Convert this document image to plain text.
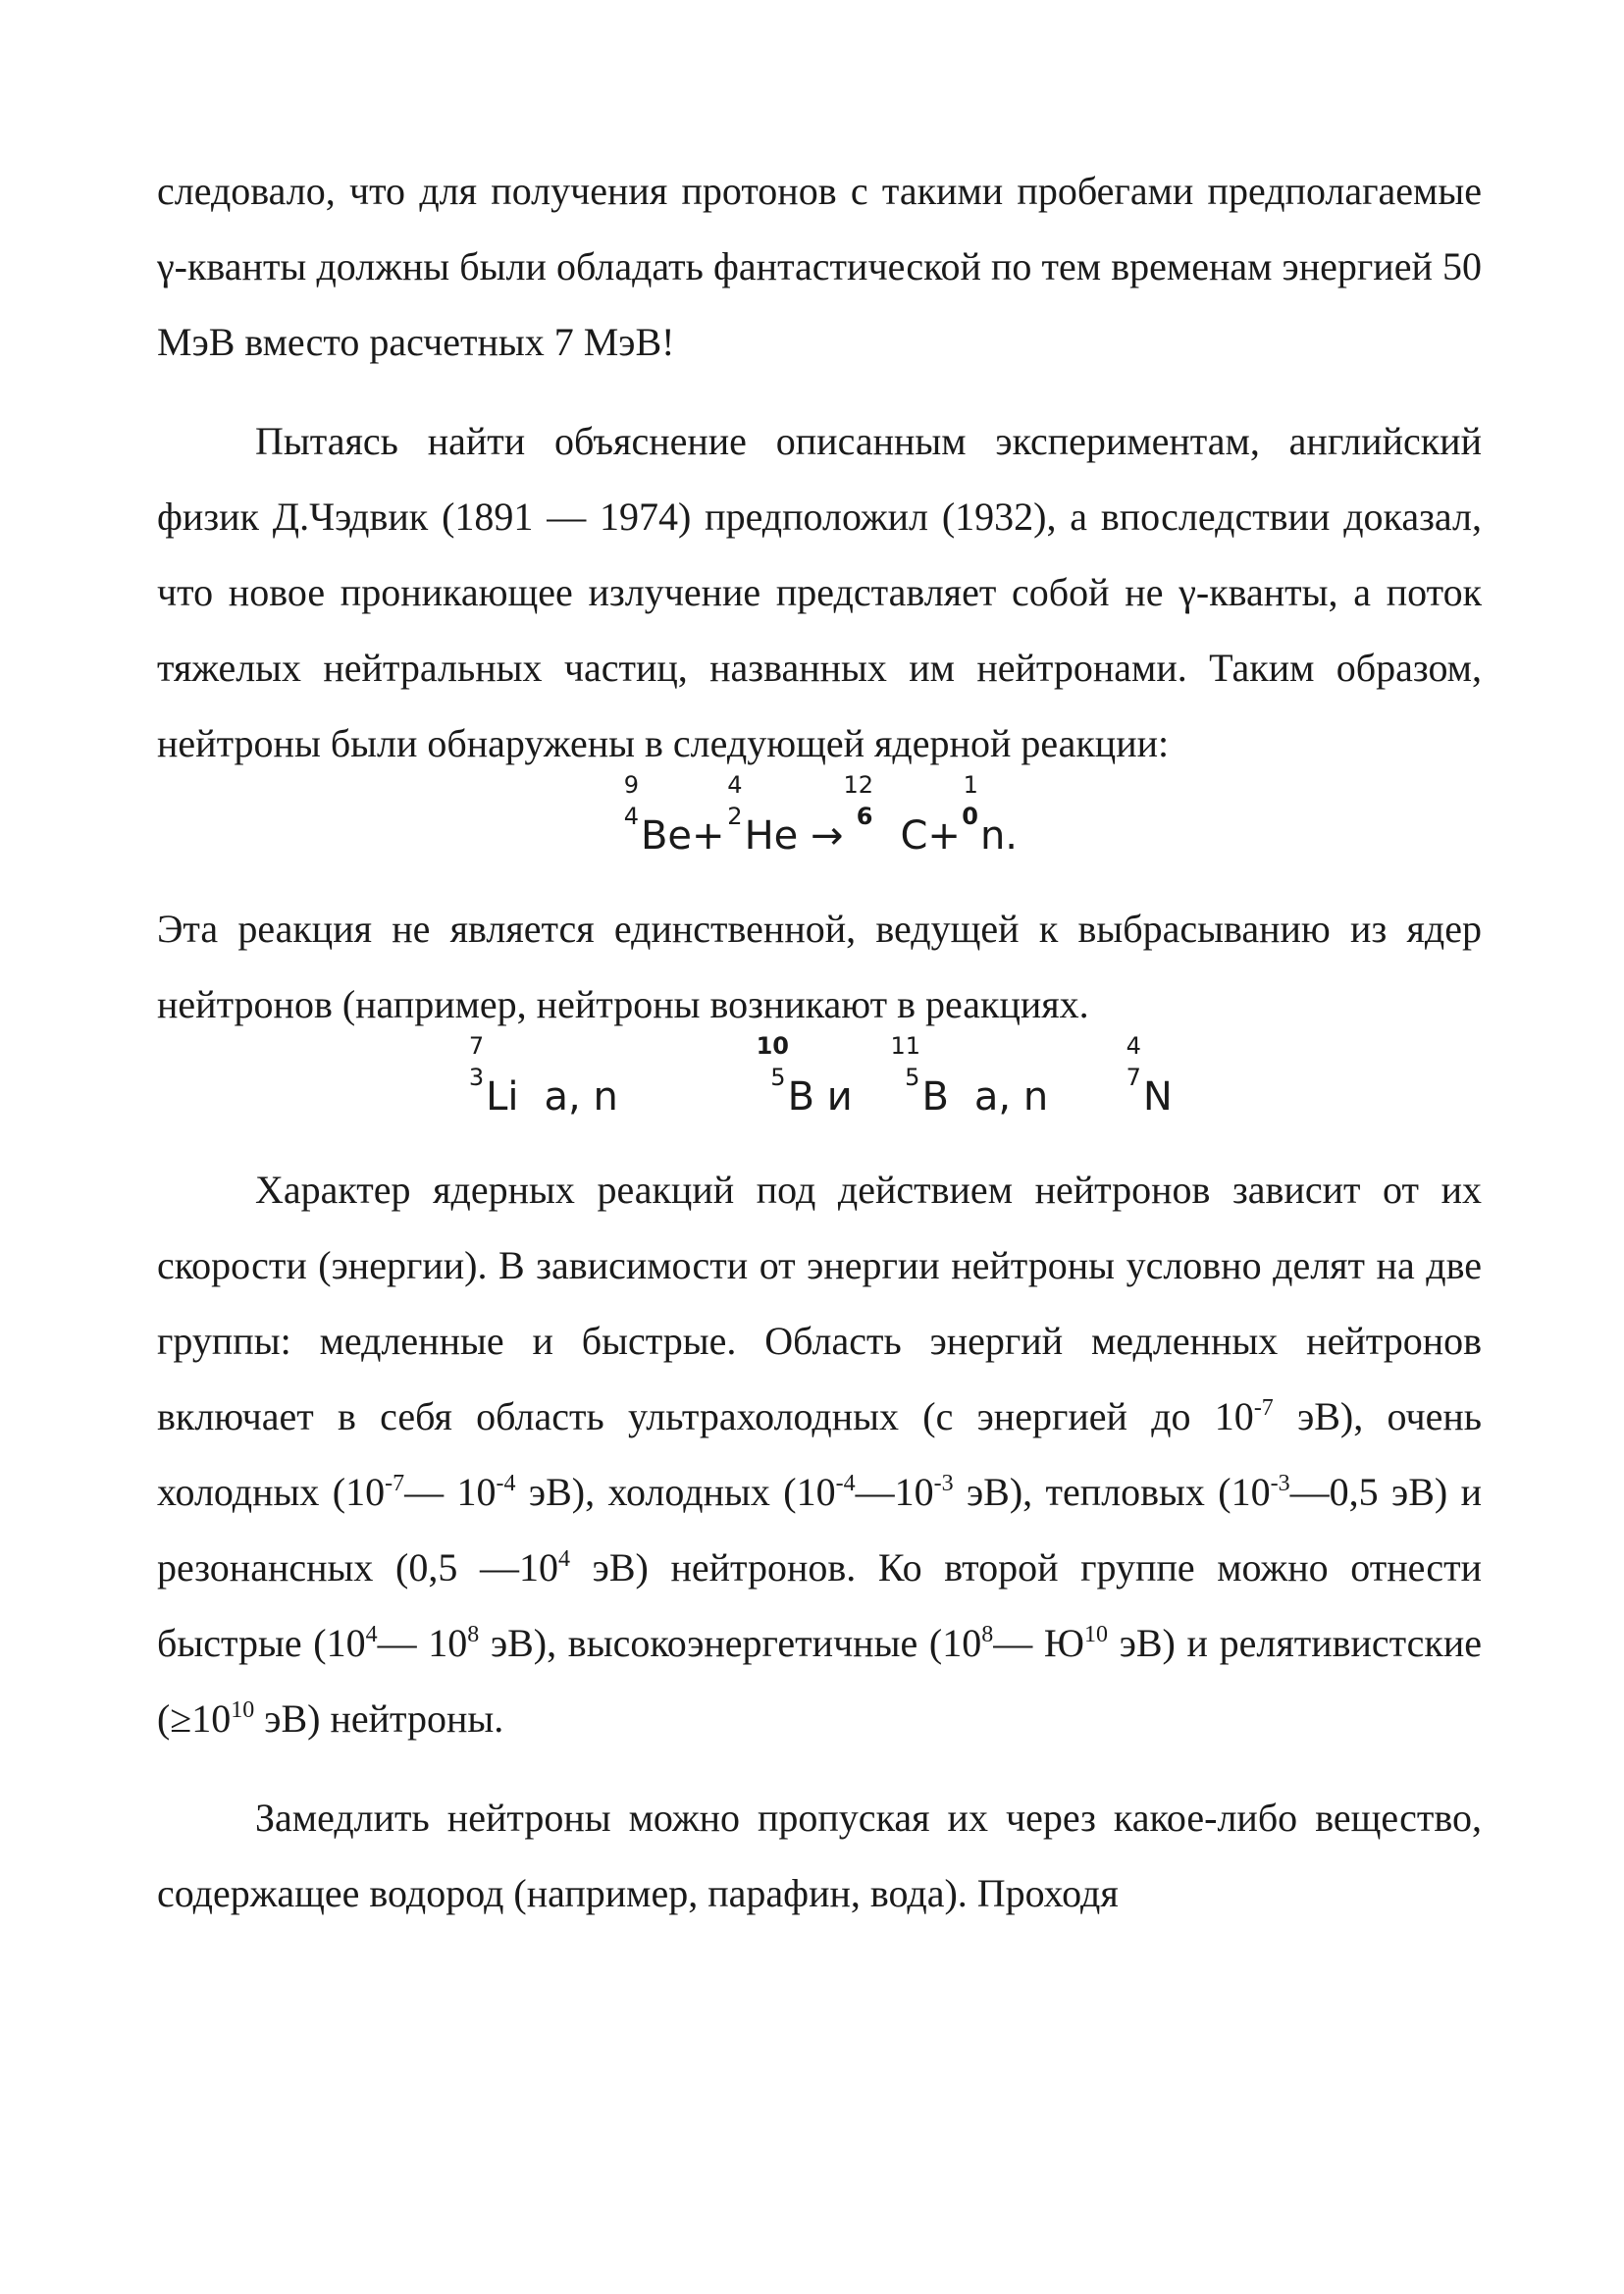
следовало, что для получения протонов с такими пробегами предполагаемые γ-кванты должны были обладать фантастической по тем временам энергией 50 МэВ вместо расчетных 7 МэВ!

Пытаясь найти объяснение описанным экспериментам, английский физик Д.Чэдвик (1891 — 1974) предположил (1932), а впоследствии доказал, что новое проникающее излучение представляет собой не γ-кванты, а поток тяжелых нейтральных частиц, названных им нейтронами. Таким образом, нейтроны были обнаружены в следующей ядерной реакции:

9
4 Be+
4
2 He →
12
6 C+
1
0 n.

Эта реакция не является единственной, ведущей к выбрасыванию из ядер нейтронов (например, нейтроны возникают в реакциях.

7
3 Li a, n
10
5 B и
11
5 B a, n
4
7 N

Характер ядерных реакций под действием нейтронов зависит от их скорости (энергии). В зависимости от энергии нейтроны условно делят на две группы: медленные и быстрые. Область энергий медленных нейтронов включает в себя область ультрахолодных (с энергией до $10^{-7}$ эВ), очень холодных ($10^{-7}—$ $10^{-4}$ эВ), холодных ($10^{-4}—10^{-3}$ эВ), тепловых ($10^{-3}—0,5$ эВ) и резонансных (0,5 $—10^4$ эВ) нейтронов. Ко второй группе можно отнести быстрые ($10^4—$ $10^8$ эВ), высокоэнергетичные ($10^8—$ $Ю^{10}$ эВ) и релятивистские ($\ge 10^{10}$ эВ) нейтроны.

Замедлить нейтроны можно пропуская их через какое-либо вещество, содержащее водород (например, парафин, вода). Проходя
